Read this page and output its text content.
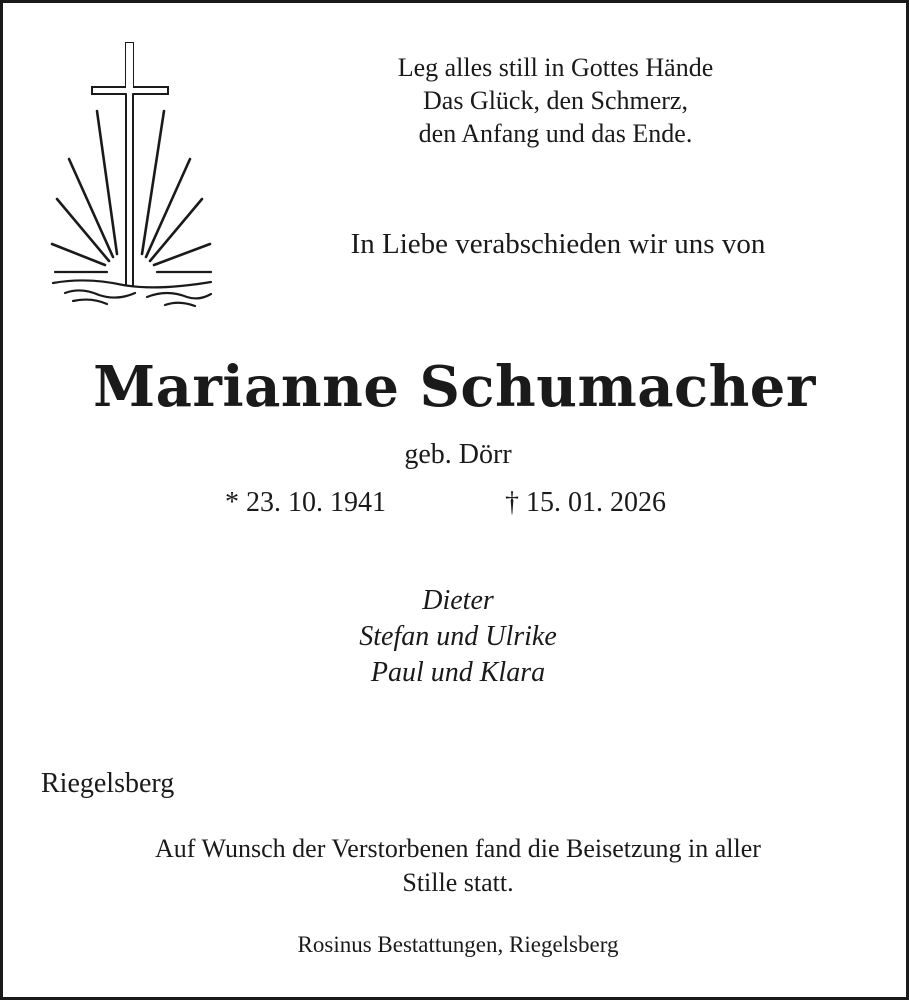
Leg alles still in Gottes Hände
Das Glück, den Schmerz,
den Anfang und das Ende.
In Liebe verabschieden wir uns von
Marianne Schumacher
geb. Dörr
* 23. 10. 1941	† 15. 01. 2026
Dieter
Stefan und Ulrike
Paul und Klara
Riegelsberg
Auf Wunsch der Verstorbenen fand die Beisetzung in aller
Stille statt.
Rosinus Bestattungen, Riegelsberg
